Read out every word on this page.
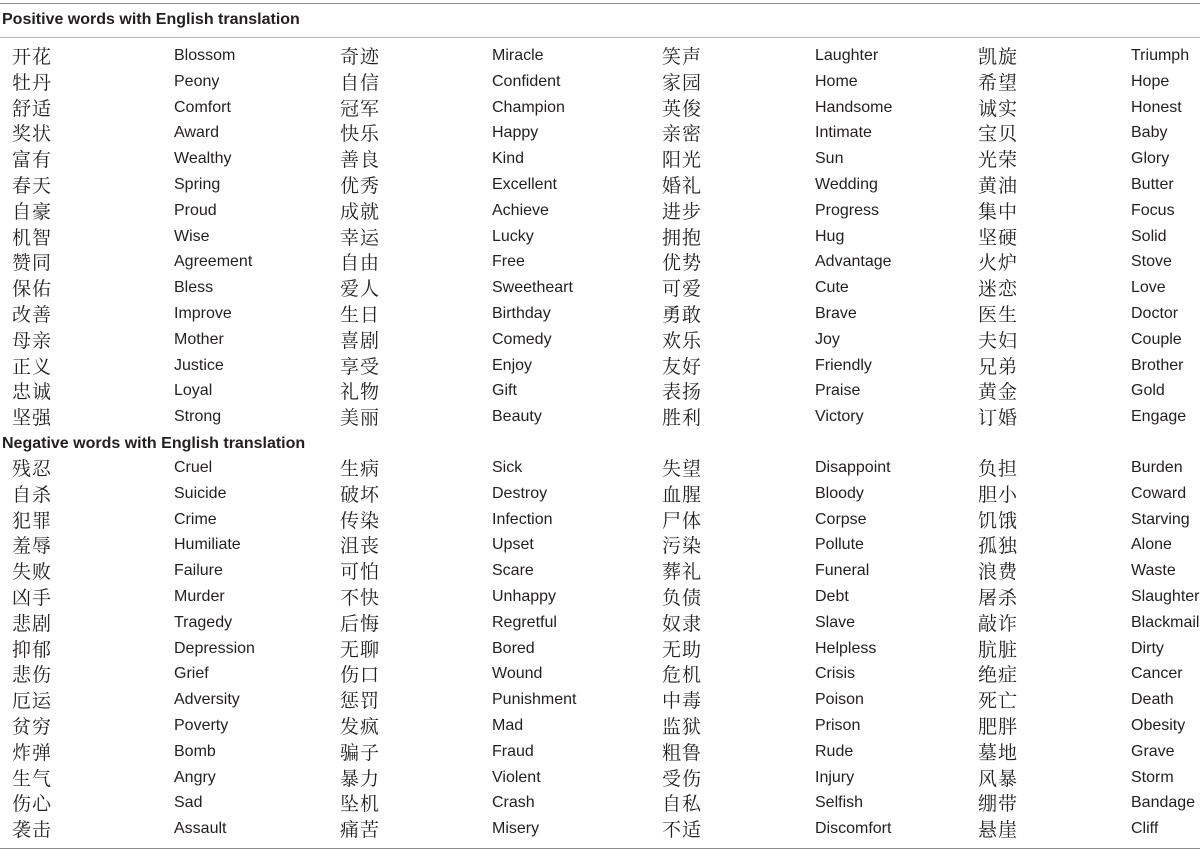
Positive words with English translation
开花	Blossom	奇迹	Miracle	笑声	Laughter	凯旋	Triumph
牡丹	Peony	自信	Confident	家园	Home	希望	Hope
舒适	Comfort	冠军	Champion	英俊	Handsome	诚实	Honest
奖状	Award	快乐	Happy	亲密	Intimate	宝贝	Baby
富有	Wealthy	善良	Kind	阳光	Sun	光荣	Glory
春天	Spring	优秀	Excellent	婚礼	Wedding	黄油	Butter
自豪	Proud	成就	Achieve	进步	Progress	集中	Focus
机智	Wise	幸运	Lucky	拥抱	Hug	坚硬	Solid
赞同	Agreement	自由	Free	优势	Advantage	火炉	Stove
保佑	Bless	爱人	Sweetheart	可爱	Cute	迷恋	Love
改善	Improve	生日	Birthday	勇敢	Brave	医生	Doctor
母亲	Mother	喜剧	Comedy	欢乐	Joy	夫妇	Couple
正义	Justice	享受	Enjoy	友好	Friendly	兄弟	Brother
忠诚	Loyal	礼物	Gift	表扬	Praise	黄金	Gold
坚强	Strong	美丽	Beauty	胜利	Victory	订婚	Engage
Negative words with English translation
残忍	Cruel	生病	Sick	失望	Disappoint	负担	Burden
自杀	Suicide	破坏	Destroy	血腥	Bloody	胆小	Coward
犯罪	Crime	传染	Infection	尸体	Corpse	饥饿	Starving
羞辱	Humiliate	沮丧	Upset	污染	Pollute	孤独	Alone
失败	Failure	可怕	Scare	葬礼	Funeral	浪费	Waste
凶手	Murder	不快	Unhappy	负债	Debt	屠杀	Slaughter
悲剧	Tragedy	后悔	Regretful	奴隶	Slave	敲诈	Blackmail
抑郁	Depression	无聊	Bored	无助	Helpless	肮脏	Dirty
悲伤	Grief	伤口	Wound	危机	Crisis	绝症	Cancer
厄运	Adversity	惩罚	Punishment	中毒	Poison	死亡	Death
贫穷	Poverty	发疯	Mad	监狱	Prison	肥胖	Obesity
炸弹	Bomb	骗子	Fraud	粗鲁	Rude	墓地	Grave
生气	Angry	暴力	Violent	受伤	Injury	风暴	Storm
伤心	Sad	坠机	Crash	自私	Selfish	绷带	Bandage
袭击	Assault	痛苦	Misery	不适	Discomfort	悬崖	Cliff
